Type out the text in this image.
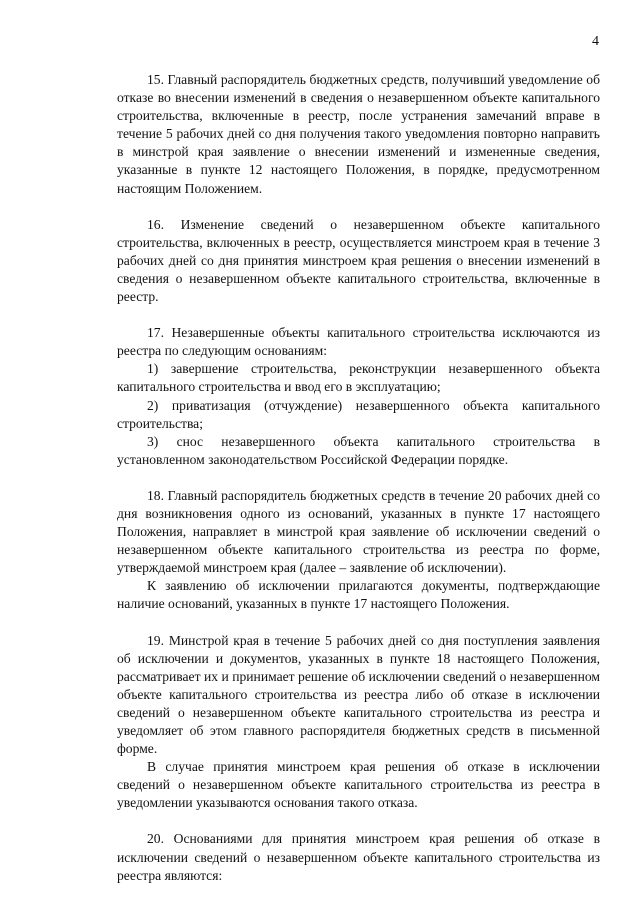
4

15. Главный распорядитель бюджетных средств, получивший уведомление об отказе во внесении изменений в сведения о незавершенном объекте капитального строительства, включенные в реестр, после устранения замечаний вправе в течение 5 рабочих дней со дня получения такого уведомления повторно направить в минстрой края заявление о внесении изменений и измененные сведения, указанные в пункте 12 настоящего Положения, в порядке, предусмотренном настоящим Положением.

16. Изменение сведений о незавершенном объекте капитального строительства, включенных в реестр, осуществляется минстроем края в течение 3 рабочих дней со дня принятия минстроем края решения о внесении изменений в сведения о незавершенном объекте капитального строительства, включенные в реестр.

17. Незавершенные объекты капитального строительства исключаются из реестра по следующим основаниям:

1) завершение строительства, реконструкции незавершенного объекта капитального строительства и ввод его в эксплуатацию;

2) приватизация (отчуждение) незавершенного объекта капитального строительства;

3) снос незавершенного объекта капитального строительства в установленном законодательством Российской Федерации порядке.

18. Главный распорядитель бюджетных средств в течение 20 рабочих дней со дня возникновения одного из оснований, указанных в пункте 17 настоящего Положения, направляет в минстрой края заявление об исключении сведений о незавершенном объекте капитального строительства из реестра по форме, утверждаемой минстроем края (далее – заявление об исключении).

К заявлению об исключении прилагаются документы, подтверждающие наличие оснований, указанных в пункте 17 настоящего Положения.

19. Минстрой края в течение 5 рабочих дней со дня поступления заявления об исключении и документов, указанных в пункте 18 настоящего Положения, рассматривает их и принимает решение об исключении сведений о незавершенном объекте капитального строительства из реестра либо об отказе в исключении сведений о незавершенном объекте капитального строительства из реестра и уведомляет об этом главного распорядителя бюджетных средств в письменной форме.

В случае принятия минстроем края решения об отказе в исключении сведений о незавершенном объекте капитального строительства из реестра в уведомлении указываются основания такого отказа.

20. Основаниями для принятия минстроем края решения об отказе в исключении сведений о незавершенном объекте капитального строительства из реестра являются:
